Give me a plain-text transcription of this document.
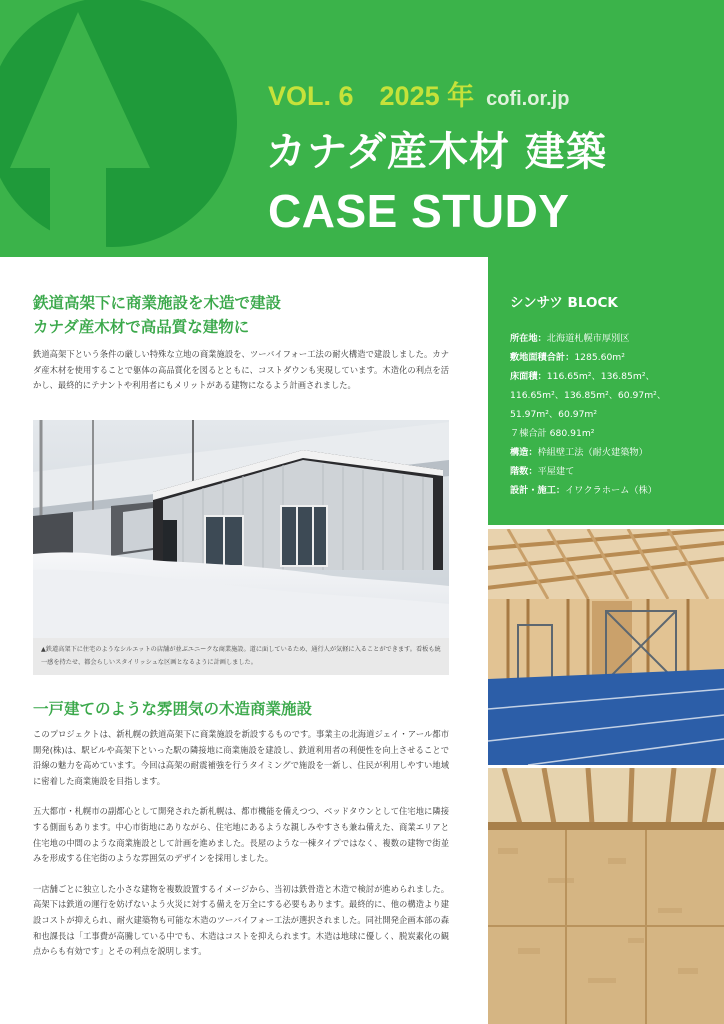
VOL. 6 2025 年 cofi.or.jp
カナダ産木材 建築
CASE STUDY
鉄道高架下に商業施設を木造で建設
カナダ産木材で高品質な建物に

鉄道高架下という条件の厳しい特殊な立地の商業施設を、ツーバイフォー工法の耐火構造で建設しました。カナダ産木材を使用することで躯体の高品質化を図るとともに、コストダウンも実現しています。木造化の利点を活かし、最終的にテナントや利用者にもメリットがある建物になるよう計画されました。

▲鉄道高架下に住宅のようなシルエットの店舗が並ぶユニークな商業施設。道に面しているため、通行人が気軽に入ることができます。看板も統一感を持たせ、都会らしいスタイリッシュな区画となるように計画しました。

一戸建てのような雰囲気の木造商業施設

このプロジェクトは、新札幌の鉄道高架下に商業施設を新設するものです。事業主の北海道ジェイ・アール都市開発(株)は、駅ビルや高架下といった駅の隣接地に商業施設を建設し、鉄道利用者の利便性を向上させることで沿線の魅力を高めています。今回は高架の耐震補強を行うタイミングで施設を一新し、住民が利用しやすい地域に密着した商業施設を目指します。

五大都市・札幌市の副都心として開発された新札幌は、都市機能を備えつつ、ベッドタウンとして住宅地に隣接する側面もあります。中心市街地にありながら、住宅地にあるような親しみやすさも兼ね備えた、商業エリアと住宅地の中間のような商業施設として計画を進めました。長屋のような一棟タイプではなく、複数の建物で街並みを形成する住宅街のような雰囲気のデザインを採用しました。

一店舗ごとに独立した小さな建物を複数設置するイメージから、当初は鉄骨造と木造で検討が進められました。高架下は鉄道の運行を妨げないよう火災に対する備えを万全にする必要もあります。最終的に、他の構造より建設コストが抑えられ、耐火建築物も可能な木造のツーバイフォー工法が選択されました。同社開発企画本部の森和也課長は「工事費が高騰している中でも、木造はコストを抑えられます。木造は地球に優しく、脱炭素化の観点からも有効です」とその利点を説明します。

シンサツ BLOCK
所在地：北海道札幌市厚別区
敷地面積合計：1285.60m²
床面積：116.65m²、136.85m²、
116.65m²、136.85m²、60.97m²、
51.97m²、60.97m²
７棟合計 680.91m²
構造：枠組壁工法（耐火建築物）
階数：平屋建て
設計・施工：イワクラホーム（株）
